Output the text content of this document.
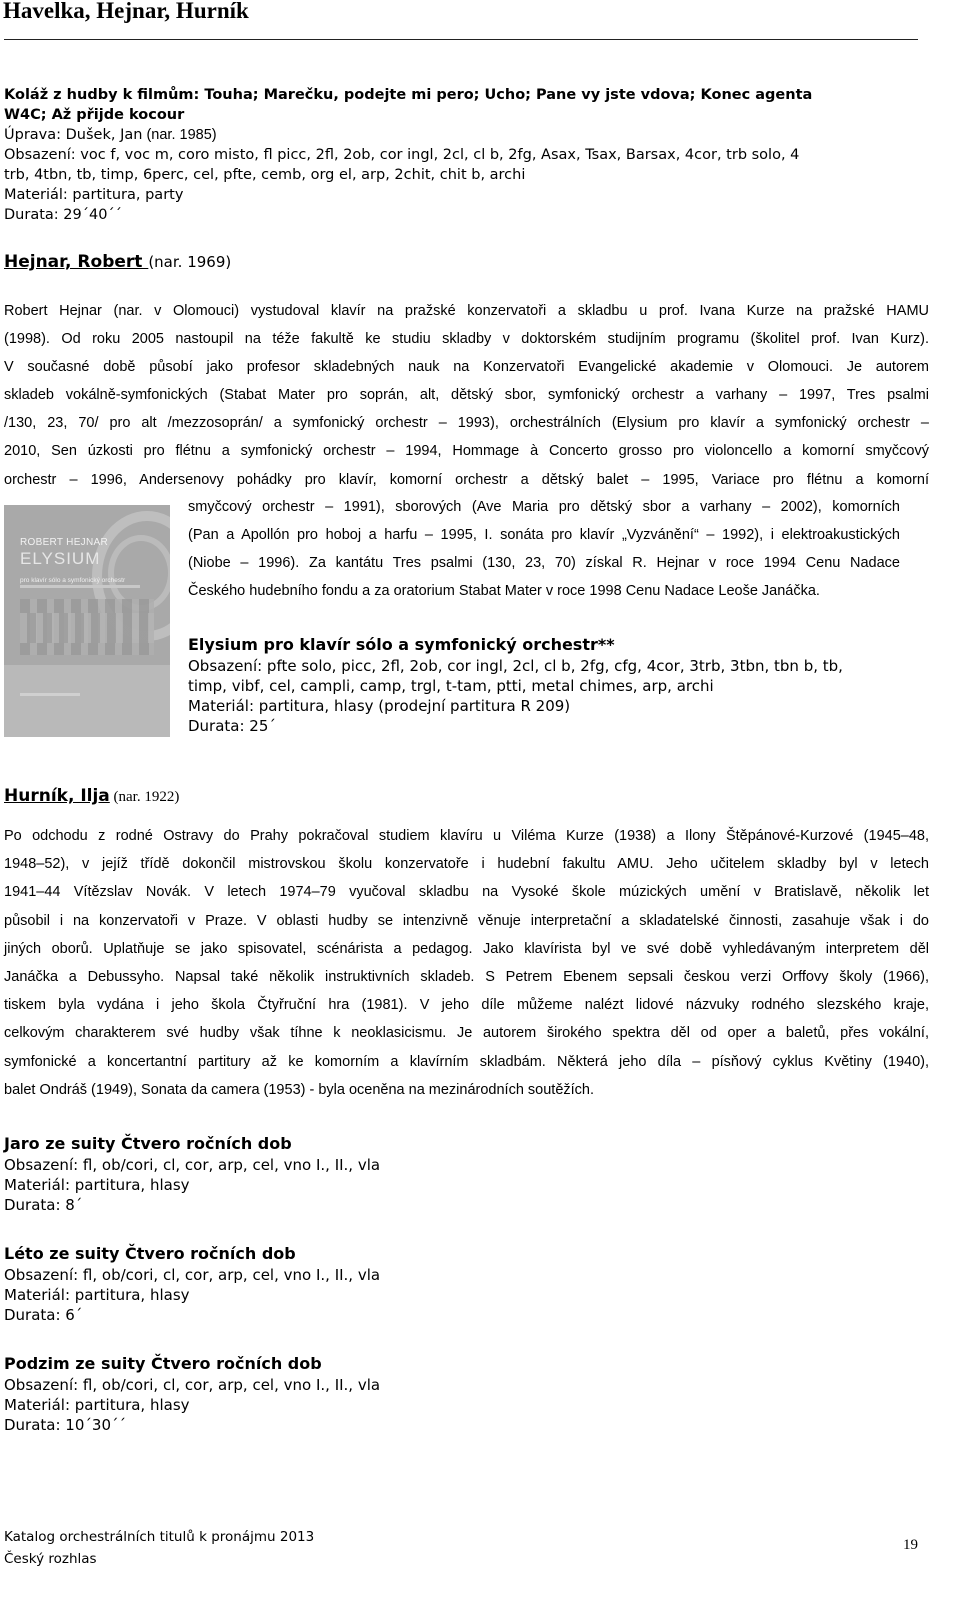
Havelka, Hejnar, Hurník
Koláž z hudby k filmům: Touha; Marečku, podejte mi pero; Ucho; Pane vy jste vdova; Konec agenta
W4C; Až přijde kocour
Úprava: Dušek, Jan (nar. 1985)
Obsazení: voc f, voc m, coro misto, fl picc, 2fl, 2ob, cor ingl, 2cl, cl b, 2fg, Asax, Tsax, Barsax, 4cor, trb solo, 4
trb, 4tbn, tb, timp, 6perc, cel, pfte, cemb, org el, arp, 2chit, chit b, archi
Materiál: partitura, party
Durata: 29´40´´
Hejnar, Robert (nar. 1969)
Robert Hejnar (nar. v Olomouci) vystudoval klavír na pražské konzervatoři a skladbu u prof. Ivana Kurze na pražské HAMU
(1998). Od roku 2005 nastoupil na téže fakultě ke studiu skladby v doktorském studijním programu (školitel prof. Ivan Kurz).
V současné době působí jako profesor skladebných nauk na Konzervatoři Evangelické akademie v Olomouci. Je autorem
skladeb vokálně-symfonických (Stabat Mater pro soprán, alt, dětský sbor, symfonický orchestr a varhany – 1997, Tres psalmi
/130, 23, 70/ pro alt /mezzosoprán/ a symfonický orchestr – 1993), orchestrálních (Elysium pro klavír a symfonický orchestr –
2010, Sen úzkosti pro flétnu a symfonický orchestr – 1994, Hommage à Concerto grosso pro violoncello a komorní smyčcový
orchestr – 1996, Andersenovy pohádky pro klavír, komorní orchestr a dětský balet – 1995, Variace pro flétnu a komorní
smyčcový orchestr – 1991), sborových (Ave Maria pro dětský sbor a varhany – 2002), komorních
(Pan a Apollón pro hoboj a harfu – 1995, I. sonáta pro klavír „Vyzvánění“ – 1992), i elektroakustických
(Niobe – 1996). Za kantátu Tres psalmi (130, 23, 70) získal R. Hejnar v roce 1994 Cenu Nadace
Českého hudebního fondu a za oratorium Stabat Mater v roce 1998 Cenu Nadace Leoše Janáčka.
ROBERT HEJNAR
ELYSIUM
pro klavír sólo a symfonický orchestr
Elysium pro klavír sólo a symfonický orchestr**
Obsazení: pfte solo, picc, 2fl, 2ob, cor ingl, 2cl, cl b, 2fg, cfg, 4cor, 3trb, 3tbn, tbn b, tb,
timp, vibf, cel, campli, camp, trgl, t-tam, ptti, metal chimes, arp, archi
Materiál: partitura, hlasy (prodejní partitura R 209)
Durata: 25´
Hurník, Ilja (nar. 1922)
Po odchodu z rodné Ostravy do Prahy pokračoval studiem klavíru u Viléma Kurze (1938) a Ilony Štěpánové-Kurzové (1945–48,
1948–52), v jejíž třídě dokončil mistrovskou školu konzervatoře i hudební fakultu AMU. Jeho učitelem skladby byl v letech
1941–44 Vítězslav Novák. V letech 1974–79 vyučoval skladbu na Vysoké škole múzických umění v Bratislavě, několik let
působil i na konzervatoři v Praze. V oblasti hudby se intenzivně věnuje interpretační a skladatelské činnosti, zasahuje však i do
jiných oborů. Uplatňuje se jako spisovatel, scénárista a pedagog. Jako klavírista byl ve své době vyhledávaným interpretem děl
Janáčka a Debussyho. Napsal také několik instruktivních skladeb. S Petrem Ebenem sepsali českou verzi Orffovy školy (1966),
tiskem byla vydána i jeho škola Čtyřruční hra (1981). V jeho díle můžeme nalézt lidové názvuky rodného slezského kraje,
celkovým charakterem své hudby však tíhne k neoklasicismu. Je autorem širokého spektra děl od oper a baletů, přes vokální,
symfonické a koncertantní partitury až ke komorním a klavírním skladbám. Některá jeho díla – písňový cyklus Květiny (1940),
balet Ondráš (1949), Sonata da camera (1953) - byla oceněna na mezinárodních soutěžích.
Jaro ze suity Čtvero ročních dob
Obsazení: fl, ob/cori, cl, cor, arp, cel, vno I., II., vla
Materiál: partitura, hlasy
Durata: 8´
Léto ze suity Čtvero ročních dob
Obsazení: fl, ob/cori, cl, cor, arp, cel, vno I., II., vla
Materiál: partitura, hlasy
Durata: 6´
Podzim ze suity Čtvero ročních dob
Obsazení: fl, ob/cori, cl, cor, arp, cel, vno I., II., vla
Materiál: partitura, hlasy
Durata: 10´30´´
Katalog orchestrálních titulů k pronájmu 2013
Český rozhlas
19
